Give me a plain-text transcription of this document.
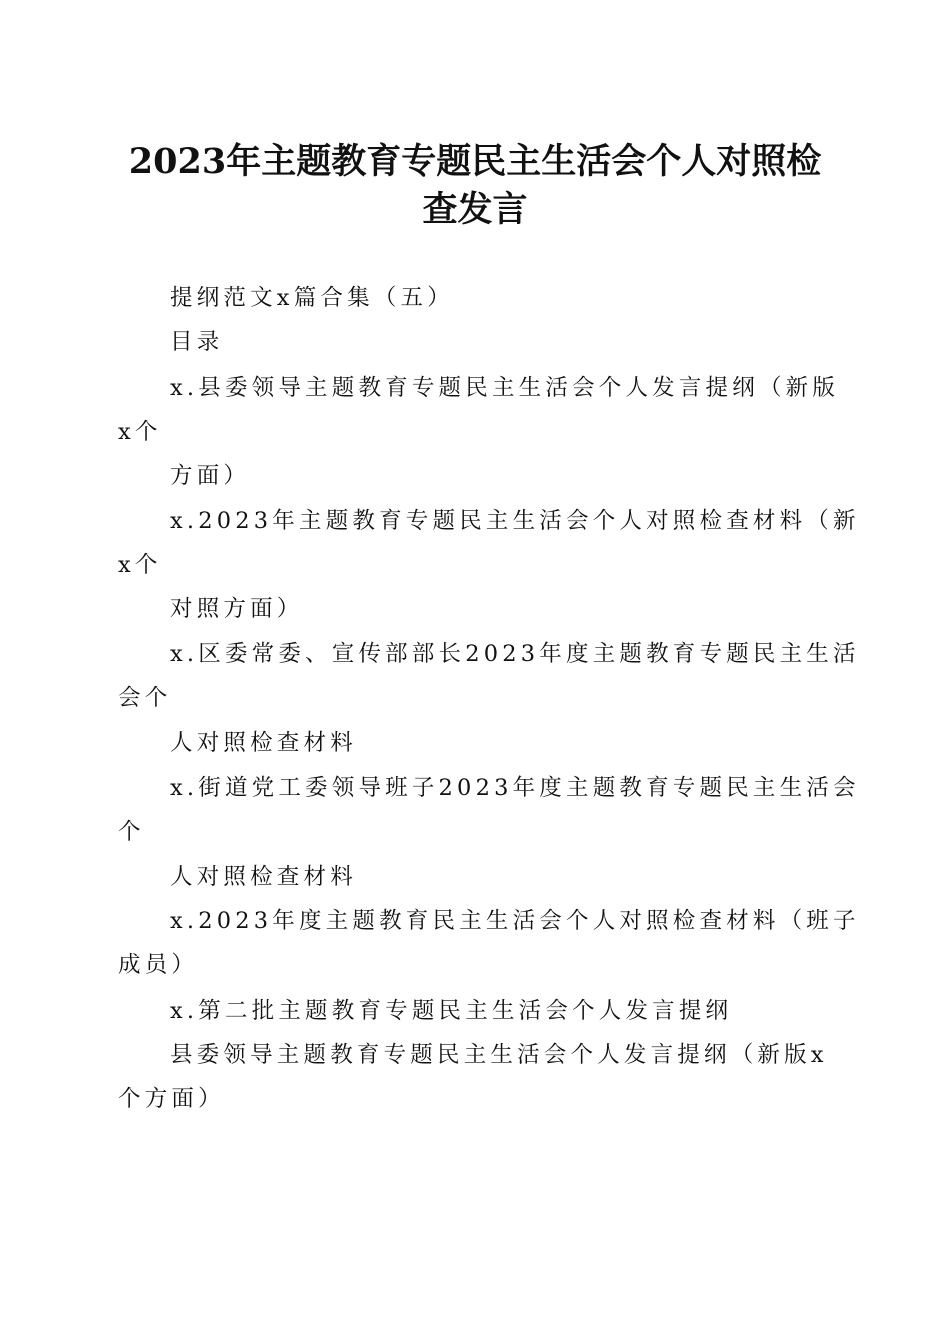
2023年主题教育专题民主生活会个人对照检
查发言

提纲范文x篇合集（五）

目录

x.县委领导主题教育专题民主生活会个人发言提纲（新版

x个

方面）

x.2023年主题教育专题民主生活会个人对照检查材料（新

x个

对照方面）

x.区委常委、宣传部部长2023年度主题教育专题民主生活

会个

人对照检查材料

x.街道党工委领导班子2023年度主题教育专题民主生活会

个

人对照检查材料

x.2023年度主题教育民主生活会个人对照检查材料（班子

成员）

x.第二批主题教育专题民主生活会个人发言提纲

县委领导主题教育专题民主生活会个人发言提纲（新版x

个方面）
